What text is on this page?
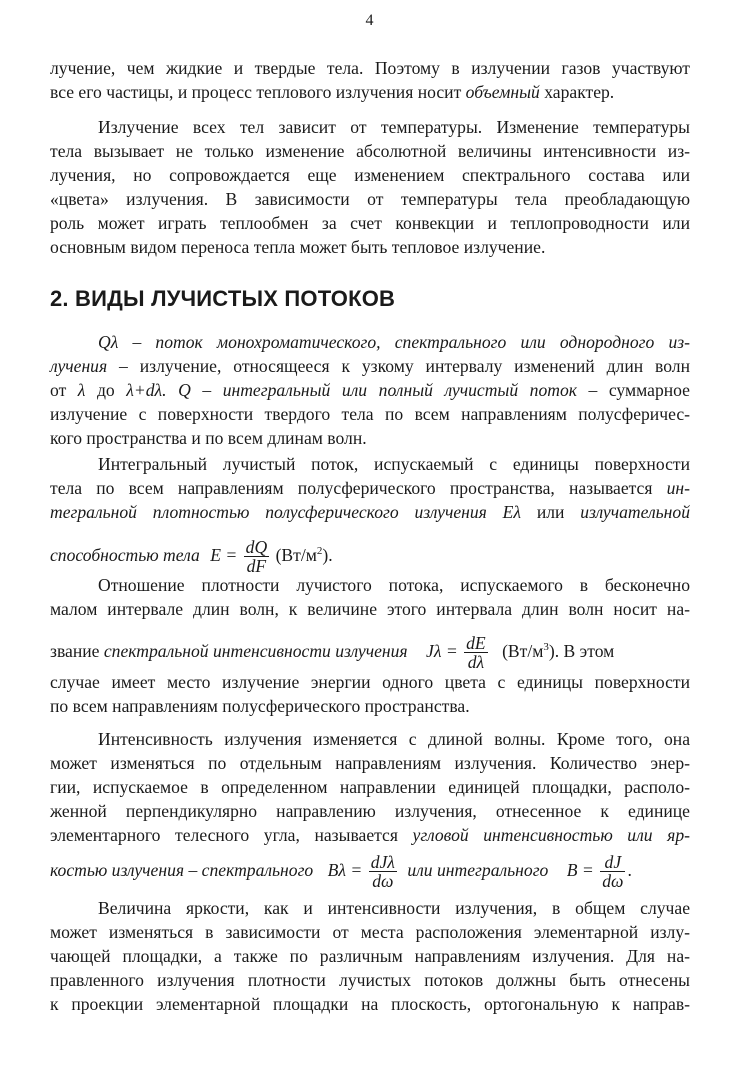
4
лучение, чем жидкие и твердые тела. Поэтому в излучении газов участвуют
все его частицы, и процесс теплового излучения носит объемный характер.
Излучение всех тел зависит от температуры. Изменение температуры
тела вызывает не только изменение абсолютной величины интенсивности из-
лучения, но сопровождается еще изменением спектрального состава или
«цвета» излучения. В зависимости от температуры тела преобладающую
роль может играть теплообмен за счет конвекции и теплопроводности или
основным видом переноса тепла может быть тепловое излучение.
2. ВИДЫ ЛУЧИСТЫХ ПОТОКОВ
Qλ – поток монохроматического, спектрального или однородного из-
лучения – излучение, относящееся к узкому интервалу изменений длин волн
от λ до λ+dλ. Q – интегральный или полный лучистый поток – суммарное
излучение с поверхности твердого тела по всем направлениям полусферичес-
кого пространства и по всем длинам волн.
Интегральный лучистый поток, испускаемый с единицы поверхности
тела по всем направлениям полусферического пространства, называется ин-
тегральной плотностью полусферического излучения Eλ или излучательной
способностью тела $E = \frac{dQ}{dF} (Вт/м^2)$.
Отношение плотности лучистого потока, испускаемого в бесконечно
малом интервале длин волн, к величине этого интервала длин волн носит на-
звание спектральной интенсивности излучения $J\lambda = \frac{dE}{d\lambda} (Вт/м^3)$. В этом
случае имеет место излучение энергии одного цвета с единицы поверхности
по всем направлениям полусферического пространства.
Интенсивность излучения изменяется с длиной волны. Кроме того, она
может изменяться по отдельным направлениям излучения. Количество энер-
гии, испускаемое в определенном направлении единицей площадки, располо-
женной перпендикулярно направлению излучения, отнесенное к единице
элементарного телесного угла, называется угловой интенсивностью или яр-
костью излучения – спектрального $B\lambda = \frac{\text{dJλ}}{d\omega}$ или интегрального $B = \frac{dJ}{d\omega}$ .
Величина яркости, как и интенсивности излучения, в общем случае
может изменяться в зависимости от места расположения элементарной излу-
чающей площадки, а также по различным направлениям излучения. Для на-
правленного излучения плотности лучистых потоков должны быть отнесены
к проекции элементарной площадки на плоскость, ортогональную к направ-
